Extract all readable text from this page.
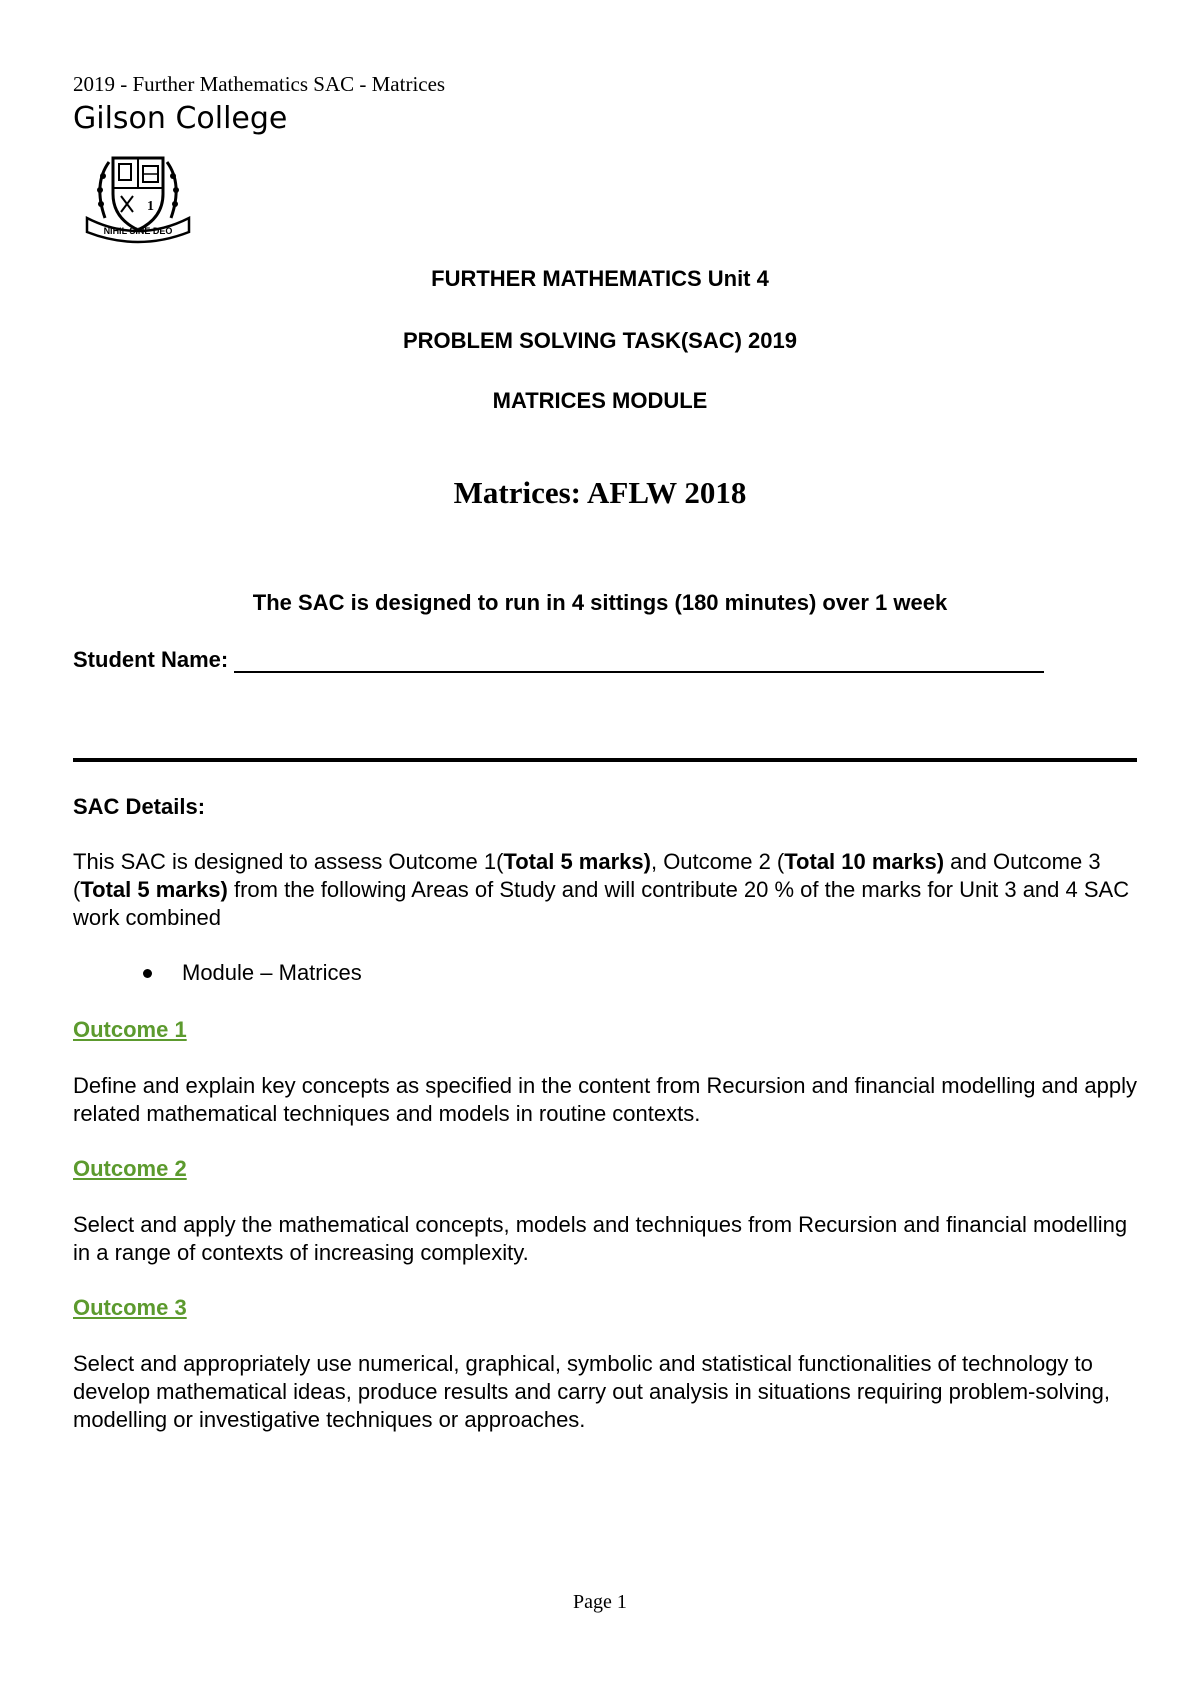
2019 - Further Mathematics SAC - Matrices
Gilson College
1
NIHIL SINE DEO
FURTHER MATHEMATICS Unit 4
PROBLEM SOLVING TASK(SAC) 2019
MATRICES MODULE
Matrices: AFLW 2018
The SAC is designed to run in 4 sittings (180 minutes) over 1 week
Student Name:
SAC Details:
This SAC is designed to assess Outcome 1(Total 5 marks), Outcome 2 (Total 10 marks) and Outcome 3 (Total 5 marks) from the following Areas of Study and will contribute 20 % of the marks for Unit 3 and 4 SAC work combined
Module – Matrices
Outcome 1
Define and explain key concepts as specified in the content from Recursion and financial modelling and apply related mathematical techniques and models in routine contexts.
Outcome 2
Select and apply the mathematical concepts, models and techniques from Recursion and financial modelling in a range of contexts of increasing complexity.
Outcome 3
Select and appropriately use numerical, graphical, symbolic and statistical functionalities of technology to develop mathematical ideas, produce results and carry out analysis in situations requiring problem-solving, modelling or investigative techniques or approaches.
Page 1
